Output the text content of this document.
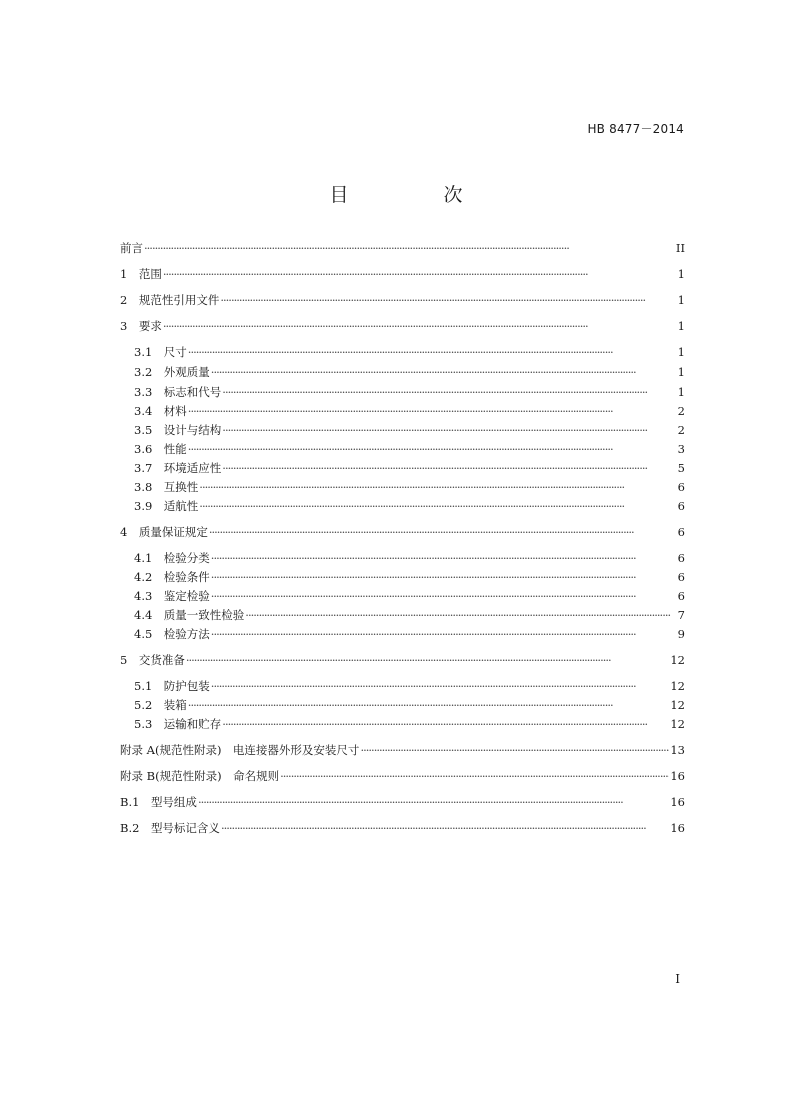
HB 8477－2014
目　次
前言 ·····	II
1　 范围 ·····	1
2　 规范性引用文件 ·····	1
3　 要求 ·····	1
3.1　 尺寸 ·····	1
3.2　 外观质量 ·····	1
3.3　 标志和代号 ·····	1
3.4　 材料 ·····	2
3.5　 设计与结构 ·····	2
3.6　 性能 ·····	3
3.7　 环境适应性 ·····	5
3.8　 互换性 ·····	6
3.9　 适航性 ·····	6
4　 质量保证规定 ·····	6
4.1　 检验分类 ·····	6
4.2　 检验条件 ·····	6
4.3　 鉴定检验 ·····	6
4.4　 质量一致性检验 ·····	7
4.5　 检验方法 ·····	9
5　 交货准备 ·····	12
5.1　 防护包装 ·····	12
5.2　 装箱 ·····	12
5.3　 运输和贮存 ·····	12
附录 A(规范性附录)　电连接器外形及安装尺寸 ·····	13
附录 B(规范性附录)　命名规则 ·····	16
B.1　 型号组成 ·····	16
B.2　 型号标记含义 ·····	16
I
